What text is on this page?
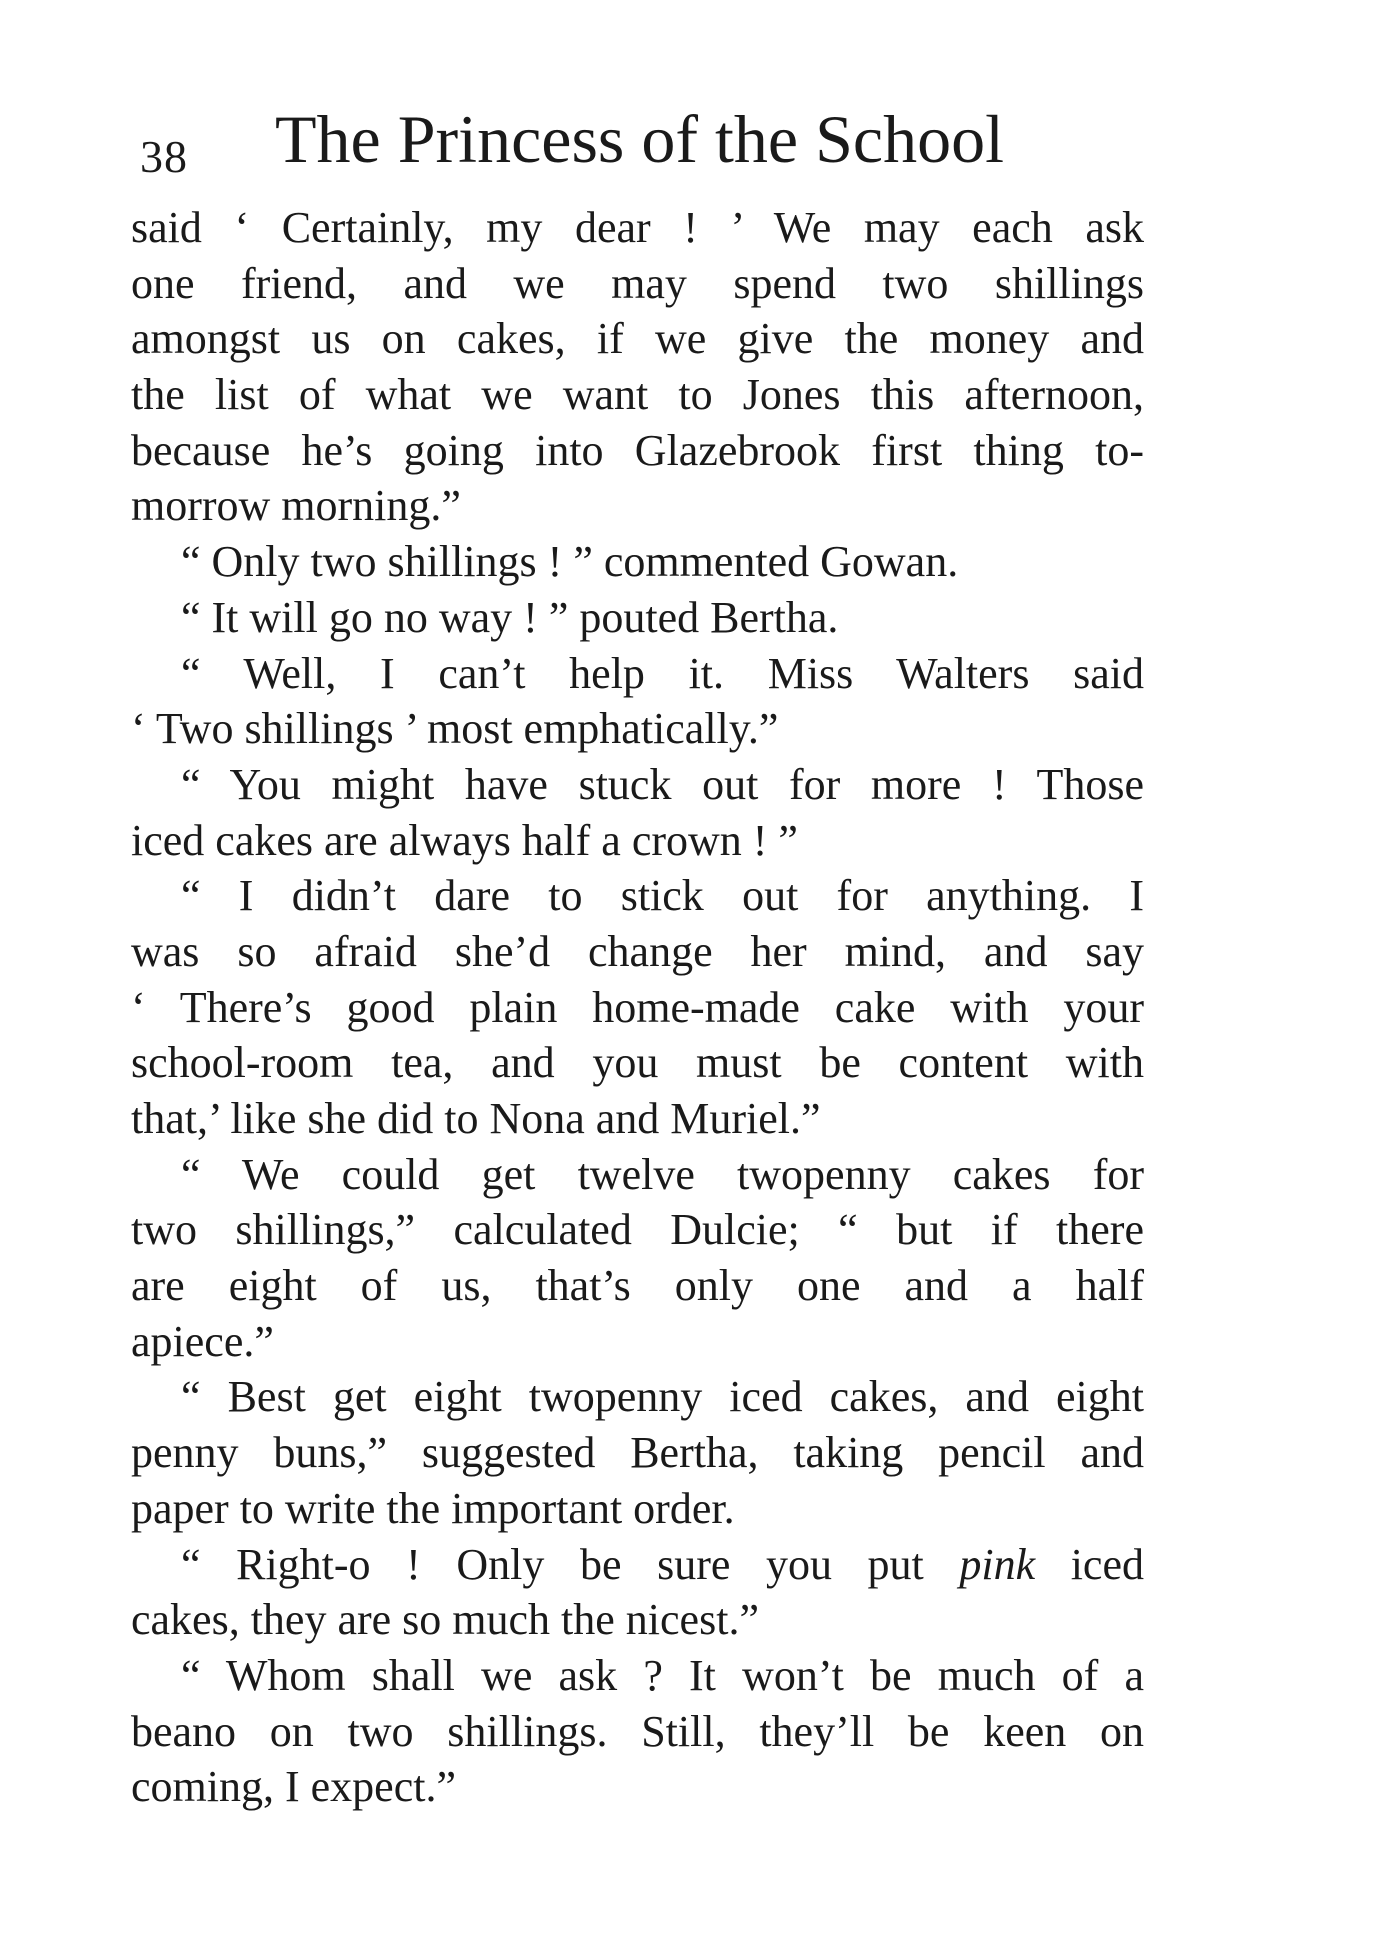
38 The Princess of the School
said ‘ Certainly, my dear ! ’ We may each ask
one friend, and we may spend two shillings
amongst us on cakes, if we give the money and
the list of what we want to Jones this afternoon,
because he’s going into Glazebrook first thing to-
morrow morning.”
“ Only two shillings ! ” commented Gowan.
“ It will go no way ! ” pouted Bertha.
“ Well, I can’t help it. Miss Walters said
‘ Two shillings ’ most emphatically.”
“ You might have stuck out for more ! Those
iced cakes are always half a crown ! ”
“ I didn’t dare to stick out for anything. I
was so afraid she’d change her mind, and say
‘ There’s good plain home-made cake with your
school-room tea, and you must be content with
that,’ like she did to Nona and Muriel.”
“ We could get twelve twopenny cakes for
two shillings,” calculated Dulcie; “ but if there
are eight of us, that’s only one and a half
apiece.”
“ Best get eight twopenny iced cakes, and eight
penny buns,” suggested Bertha, taking pencil and
paper to write the important order.
“ Right-o ! Only be sure you put pink iced
cakes, they are so much the nicest.”
“ Whom shall we ask ? It won’t be much of a
beano on two shillings. Still, they’ll be keen on
coming, I expect.”
